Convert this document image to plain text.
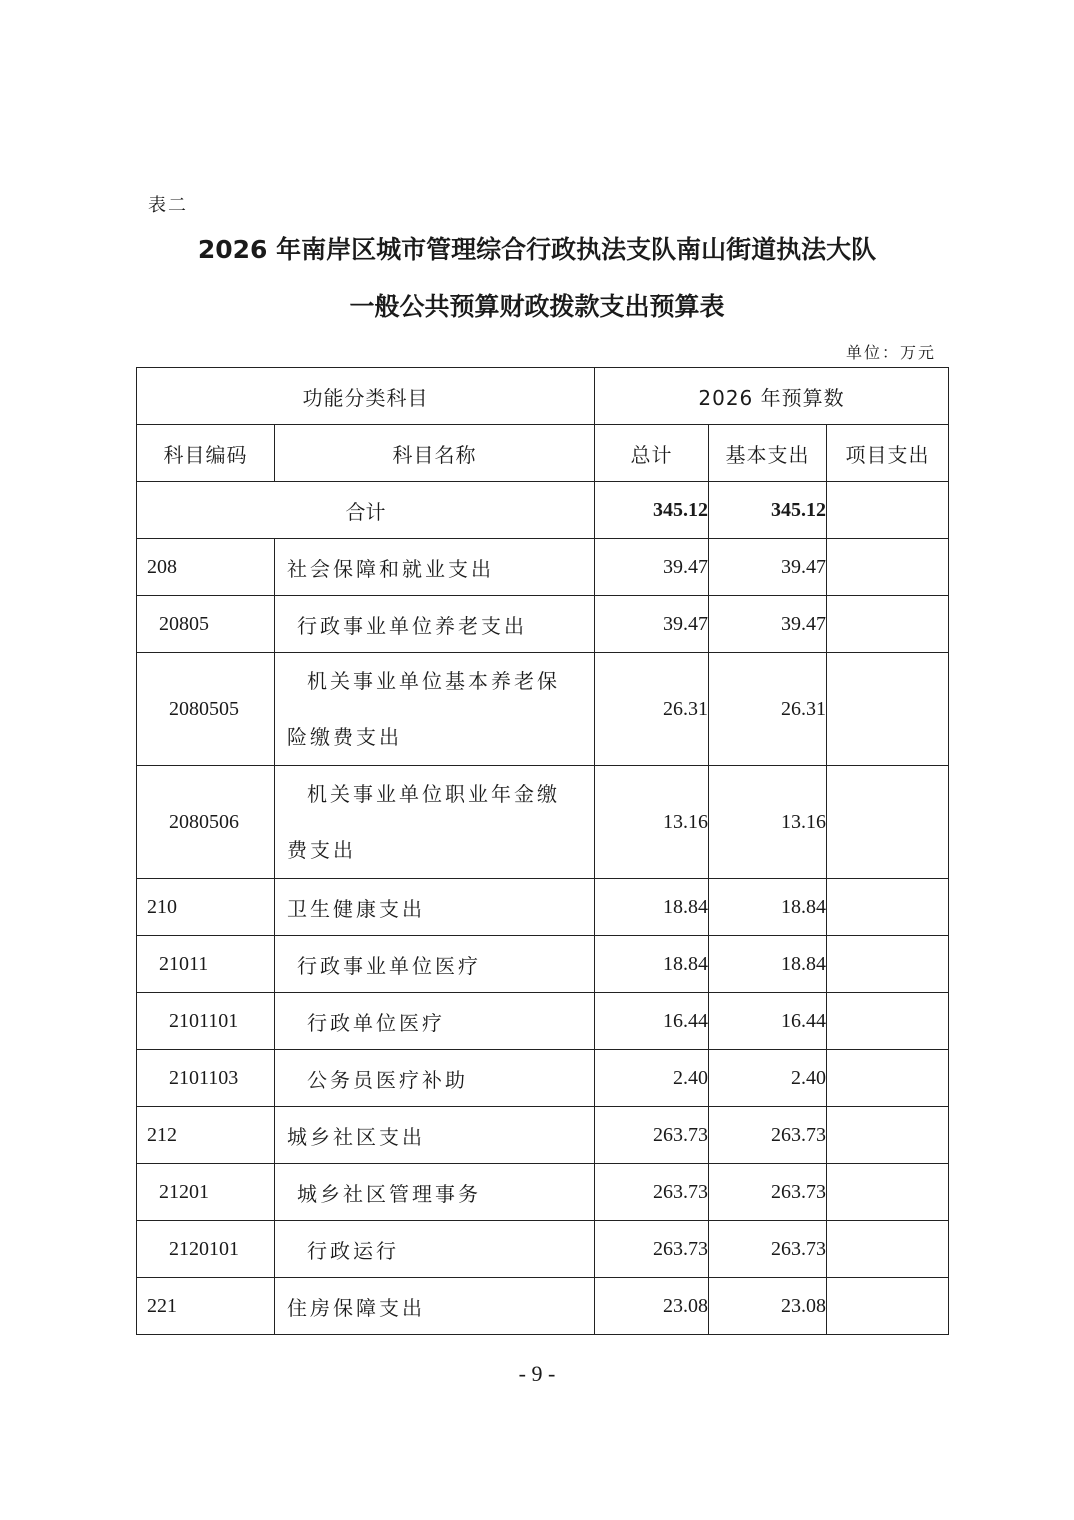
表二
2026 年南岸区城市管理综合行政执法支队南山街道执法大队
一般公共预算财政拨款支出预算表
单位：万元
功能分类科目		2026 年预算数		
科目编码	科目名称	总计	基本支出	项目支出
合计		345.12	345.12	
208	社会保障和就业支出	39.47	39.47	
20805	行政事业单位养老支出	39.47	39.47	
2080505	机关事业单位基本养老保险缴费支出	26.31	26.31	
2080506	机关事业单位职业年金缴费支出	13.16	13.16	
210	卫生健康支出	18.84	18.84	
21011	行政事业单位医疗	18.84	18.84	
2101101	行政单位医疗	16.44	16.44	
2101103	公务员医疗补助	2.40	2.40	
212	城乡社区支出	263.73	263.73	
21201	城乡社区管理事务	263.73	263.73	
2120101	行政运行	263.73	263.73	
221	住房保障支出	23.08	23.08	
- 9 -
